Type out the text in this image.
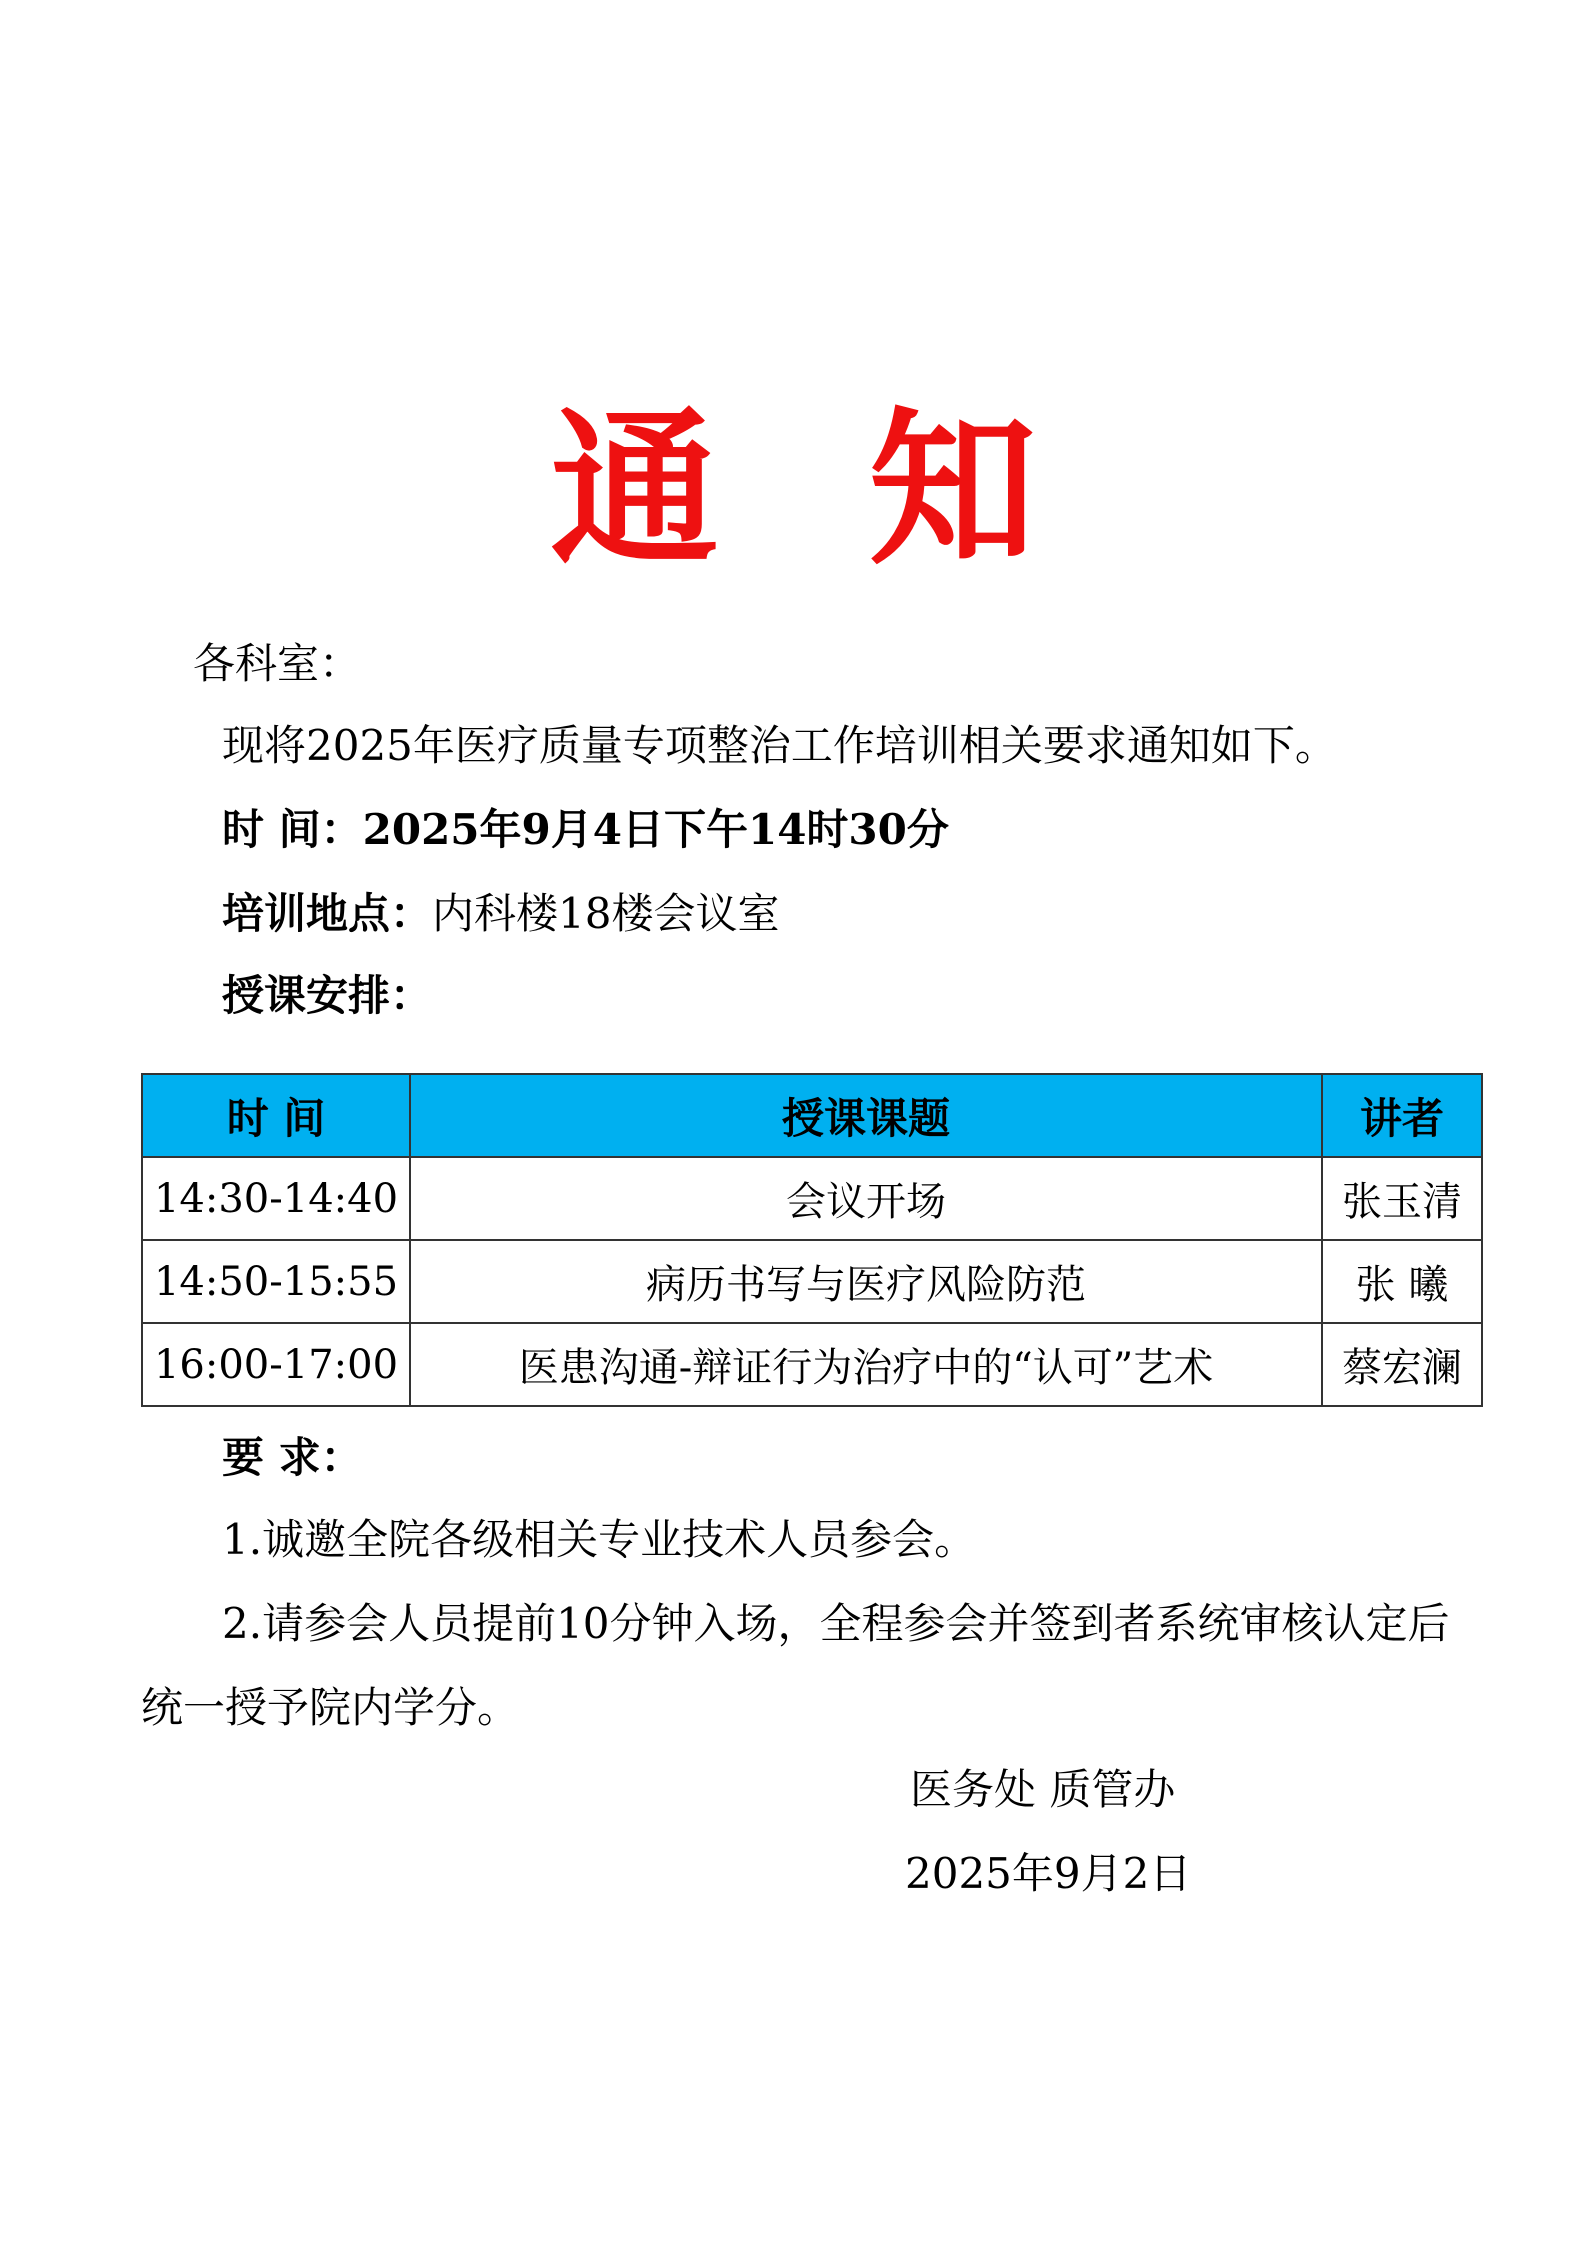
通知
各科室：
现将2025年医疗质量专项整治工作培训相关要求通知如下。
时 间：2025年9月4日下午14时30分
培训地点：内科楼18楼会议室
授课安排：
时 间	授课课题	讲者
14:30-14:40	会议开场	张玉清
14:50-15:55	病历书写与医疗风险防范	张 曦
16:00-17:00	医患沟通-辩证行为治疗中的“认可”艺术	蔡宏澜
要 求：
1.诚邀全院各级相关专业技术人员参会。
2.请参会人员提前10分钟入场，全程参会并签到者系统审核认定后
统一授予院内学分。
医务处 质管办
2025年9月2日
